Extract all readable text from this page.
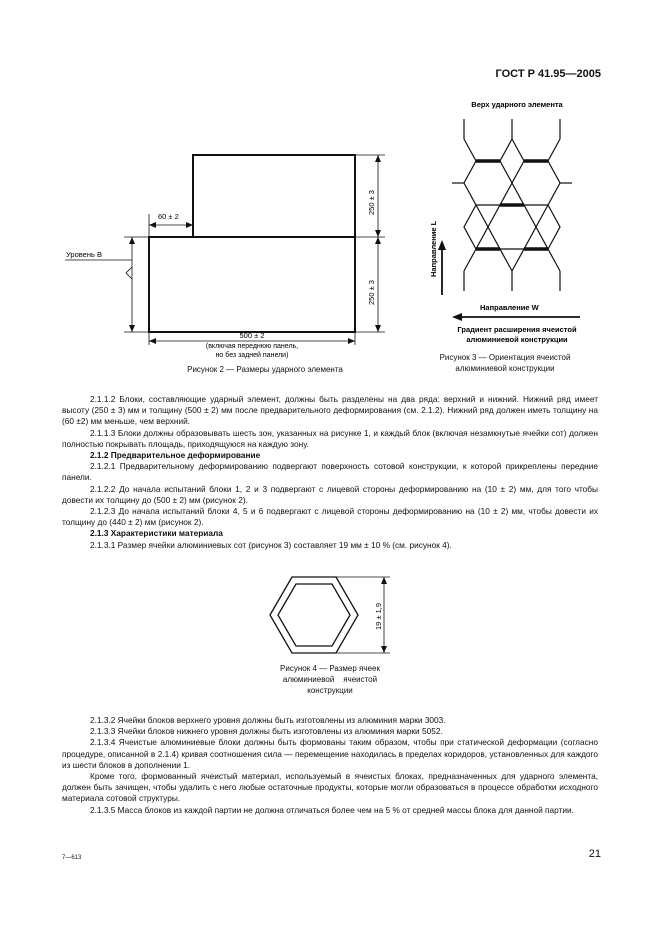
ГОСТ Р 41.95—2005
60 ± 2
250 ± 3
250 ± 3
Уровень B
500 ± 2
(включая переднюю панель,
но без задней панели)
Рисунок 2 — Размеры ударного элемента
Верх ударного элемента
Направление L
Направление W
Градиент расширения ячеистой
алюминиевой конструкции
Рисунок 3 — Ориентация ячеистой
алюминиевой конструкции

2.1.1.2 Блоки, составляющие ударный элемент, должны быть разделены на два ряда: верхний и нижний. Нижний ряд имеет высоту (250 ± 3) мм и толщину (500 ± 2) мм после предварительного деформирования (см. 2.1.2). Нижний ряд должен иметь толщину на (60 ±2) мм меньше, чем верхний.

2.1.1.3 Блоки должны образовывать шесть зон, указанных на рисунке 1, и каждый блок (включая незамкнутые ячейки сот) должен полностью покрывать площадь, приходящуюся на каждую зону.

2.1.2 Предварительное деформирование

2.1.2.1 Предварительному деформированию подвергают поверхность сотовой конструкции, к которой прикреплены передние панели.

2.1.2.2 До начала испытаний блоки 1, 2 и 3 подвергают с лицевой стороны деформированию на (10 ± 2) мм, для того чтобы довести их толщину до (500 ± 2) мм (рисунок 2).

2.1.2.3 До начала испытаний блоки 4, 5 и 6 подвергают с лицевой стороны деформированию на (10 ± 2) мм, чтобы довести их толщину до (440 ± 2) мм (рисунок 2).

2.1.3 Характеристики материала

2.1.3.1 Размер ячейки алюминиевых сот (рисунок 3) составляет 19 мм ± 10 % (см. рисунок 4).

19 ± 1,9
Рисунок 4 — Размер ячеек
алюминиевой    ячеистой
конструкции

2.1.3.2 Ячейки блоков верхнего уровня должны быть изготовлены из алюминия марки 3003.

2.1.3.3 Ячейки блоков нижнего уровня должны быть изготовлены из алюминия марки 5052.

2.1.3.4 Ячеистые алюминиевые блоки должны быть формованы таким образом, чтобы при статической деформации (согласно процедуре, описанной в 2.1.4) кривая соотношения сила — перемещение находилась в пределах коридоров, установленных для каждого из шести блоков в дополнении 1.

Кроме того, формованный ячеистый материал, используемый в ячеистых блоках, предназначенных для ударного элемента, должен быть зачищен, чтобы удалить с него любые остаточные продукты, которые могли образоваться в процессе обработки исходного материала сотовой структуры.

2.1.3.5 Масса блоков из каждой партии не должна отличаться более чем на 5 % от средней массы блока для данной партии.

7—613	21
